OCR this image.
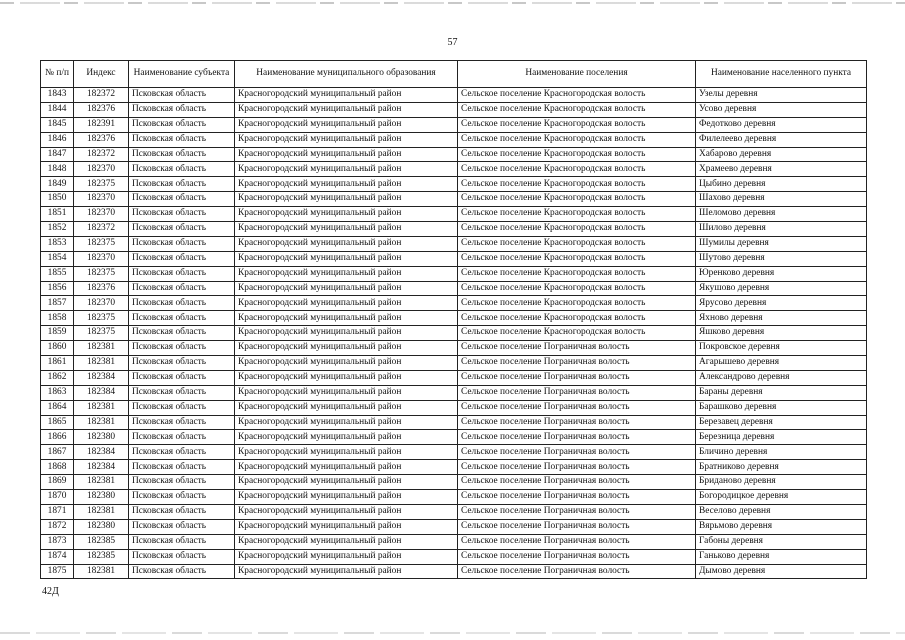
57
№ п/п	Индекс	Наименование субъекта	Наименование муниципального образования	Наименование поселения	Наименование населенного пункта
1843	182372	Псковская область	Красногородский муниципальный район	Сельское поселение Красногородская волость	Узелы деревня
1844	182376	Псковская область	Красногородский муниципальный район	Сельское поселение Красногородская волость	Усово деревня
1845	182391	Псковская область	Красногородский муниципальный район	Сельское поселение Красногородская волость	Федотково деревня
1846	182376	Псковская область	Красногородский муниципальный район	Сельское поселение Красногородская волость	Филелеево деревня
1847	182372	Псковская область	Красногородский муниципальный район	Сельское поселение Красногородская волость	Хабарово деревня
1848	182370	Псковская область	Красногородский муниципальный район	Сельское поселение Красногородская волость	Храмеево деревня
1849	182375	Псковская область	Красногородский муниципальный район	Сельское поселение Красногородская волость	Цыбино деревня
1850	182370	Псковская область	Красногородский муниципальный район	Сельское поселение Красногородская волость	Шахово деревня
1851	182370	Псковская область	Красногородский муниципальный район	Сельское поселение Красногородская волость	Шеломово деревня
1852	182372	Псковская область	Красногородский муниципальный район	Сельское поселение Красногородская волость	Шилово деревня
1853	182375	Псковская область	Красногородский муниципальный район	Сельское поселение Красногородская волость	Шумилы деревня
1854	182370	Псковская область	Красногородский муниципальный район	Сельское поселение Красногородская волость	Шутово деревня
1855	182375	Псковская область	Красногородский муниципальный район	Сельское поселение Красногородская волость	Юренково деревня
1856	182376	Псковская область	Красногородский муниципальный район	Сельское поселение Красногородская волость	Якушово деревня
1857	182370	Псковская область	Красногородский муниципальный район	Сельское поселение Красногородская волость	Ярусово деревня
1858	182375	Псковская область	Красногородский муниципальный район	Сельское поселение Красногородская волость	Яхново деревня
1859	182375	Псковская область	Красногородский муниципальный район	Сельское поселение Красногородская волость	Яшково деревня
1860	182381	Псковская область	Красногородский муниципальный район	Сельское поселение Пограничная волость	Покровское деревня
1861	182381	Псковская область	Красногородский муниципальный район	Сельское поселение Пограничная волость	Агарышево деревня
1862	182384	Псковская область	Красногородский муниципальный район	Сельское поселение Пограничная волость	Александрово деревня
1863	182384	Псковская область	Красногородский муниципальный район	Сельское поселение Пограничная волость	Бараны деревня
1864	182381	Псковская область	Красногородский муниципальный район	Сельское поселение Пограничная волость	Барашково деревня
1865	182381	Псковская область	Красногородский муниципальный район	Сельское поселение Пограничная волость	Березавец деревня
1866	182380	Псковская область	Красногородский муниципальный район	Сельское поселение Пограничная волость	Березница деревня
1867	182384	Псковская область	Красногородский муниципальный район	Сельское поселение Пограничная волость	Бличино деревня
1868	182384	Псковская область	Красногородский муниципальный район	Сельское поселение Пограничная волость	Братниково деревня
1869	182381	Псковская область	Красногородский муниципальный район	Сельское поселение Пограничная волость	Бриданово деревня
1870	182380	Псковская область	Красногородский муниципальный район	Сельское поселение Пограничная волость	Богородицкое деревня
1871	182381	Псковская область	Красногородский муниципальный район	Сельское поселение Пограничная волость	Веселово деревня
1872	182380	Псковская область	Красногородский муниципальный район	Сельское поселение Пограничная волость	Вярьмово деревня
1873	182385	Псковская область	Красногородский муниципальный район	Сельское поселение Пограничная волость	Габоны деревня
1874	182385	Псковская область	Красногородский муниципальный район	Сельское поселение Пограничная волость	Ганьково деревня
1875	182381	Псковская область	Красногородский муниципальный район	Сельское поселение Пограничная волость	Дымово деревня
42Д
